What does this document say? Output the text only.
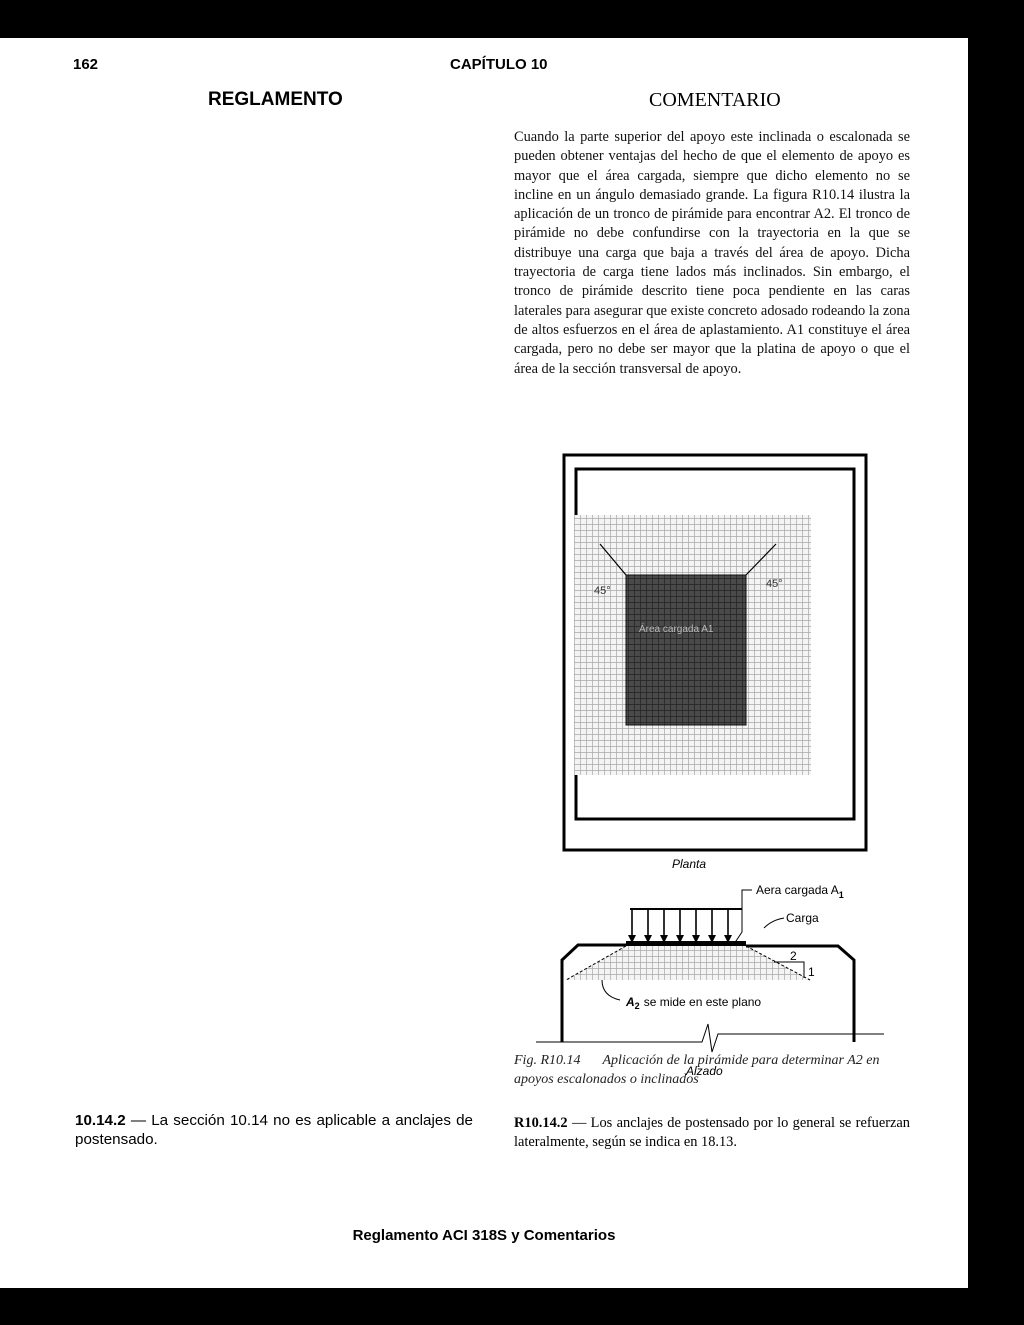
162	CAPÍTULO 10
REGLAMENTO	COMENTARIO

Cuando la parte superior del apoyo este inclinada o escalonada se pueden obtener ventajas del hecho de que el elemento de apoyo es mayor que el área cargada, siempre que dicho elemento no se incline en un ángulo demasiado grande. La figura R10.14 ilustra la aplicación de un tronco de pirámide para encontrar A2. El tronco de pirámide no debe confundirse con la trayectoria en la que se distribuye una carga que baja a través del área de apoyo. Dicha trayectoria de carga tiene lados más inclinados. Sin embargo, el tronco de pirámide descrito tiene poca pendiente en las caras laterales para asegurar que existe concreto adosado rodeando la zona de altos esfuerzos en el área de aplastamiento. A1 constituye el área cargada, pero no debe ser mayor que la platina de apoyo o que el área de la sección transversal de apoyo.

45°
45°
Área cargada A1
Planta
Aera cargada $A_1$
Carga
2
1
$A_2$ se mide en este plano
Alzado
Fig. R10.14 Aplicación de la pirámide para determinar A2 en apoyos escalonados o inclinados
10.14.2 — La sección 10.14 no es aplicable a anclajes de postensado.
R10.14.2 — Los anclajes de postensado por lo general se refuerzan lateralmente, según se indica en 18.13.
Reglamento ACI 318S y Comentarios
